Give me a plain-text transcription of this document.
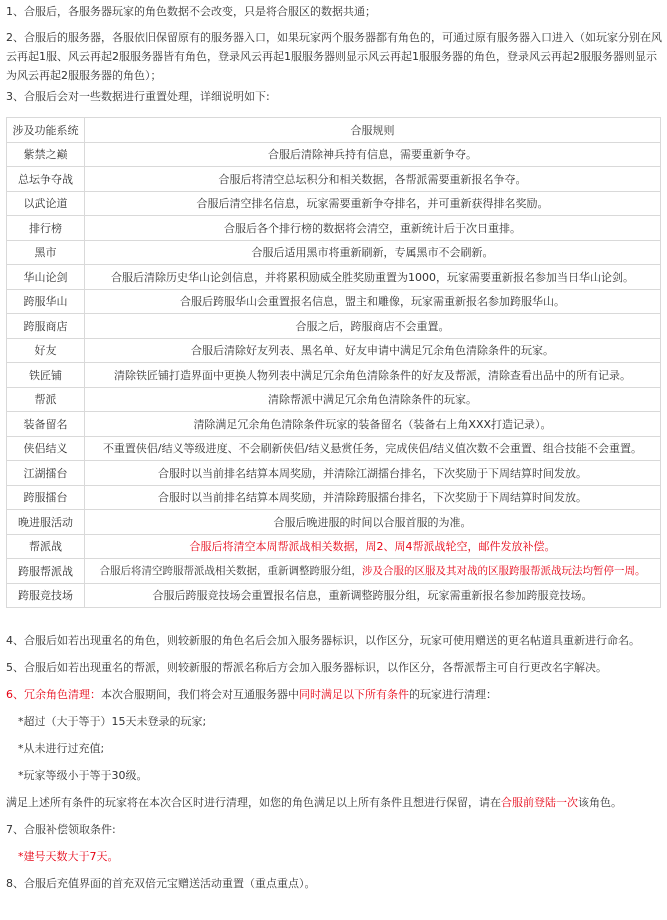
1、合服后，各服务器玩家的角色数据不会改变，只是将合服区的数据共通；

2、合服后的服务器，各服依旧保留原有的服务器入口，如果玩家两个服务器都有角色的，可通过原有服务器入口进入（如玩家分别在风云再起1服、风云再起2服服务器皆有角色，登录风云再起1服服务器则显示风云再起1服服务器的角色，登录风云再起2服服务器则显示为风云再起2服服务器的角色）；

3、合服后会对一些数据进行重置处理，详细说明如下:

涉及功能系统	合服规则
紫禁之巅	合服后清除神兵持有信息，需要重新争夺。
总坛争夺战	合服后将清空总坛积分和相关数据，各帮派需要重新报名争夺。
以武论道	合服后清空排名信息，玩家需要重新争夺排名，并可重新获得排名奖励。
排行榜	合服后各个排行榜的数据将会清空，重新统计后于次日重排。
黑市	合服后适用黑市将重新刷新，专属黑市不会刷新。
华山论剑	合服后清除历史华山论剑信息，并将累积励威全胜奖励重置为1000，玩家需要重新报名参加当日华山论剑。
跨服华山	合服后跨服华山会重置报名信息，盟主和雕像，玩家需重新报名参加跨服华山。
跨服商店	合服之后，跨服商店不会重置。
好友	合服后清除好友列表、黑名单、好友申请中满足冗余角色清除条件的玩家。
铁匠铺	清除铁匠铺打造界面中更换人物列表中满足冗余角色清除条件的好友及帮派，清除查看出品中的所有记录。
帮派	清除帮派中满足冗余角色清除条件的玩家。
装备留名	清除满足冗余角色清除条件玩家的装备留名（装备右上角XXX打造记录）。
侠侣结义	不重置侠侣/结义等级进度、不会刷新侠侣/结义悬赏任务，完成侠侣/结义值次数不会重置、组合技能不会重置。
江湖擂台	合服时以当前排名结算本周奖励，并清除江湖擂台排名，下次奖励于下周结算时间发放。
跨服擂台	合服时以当前排名结算本周奖励，并清除跨服擂台排名，下次奖励于下周结算时间发放。
晚进服活动	合服后晚进服的时间以合服首服的为准。
帮派战	合服后将清空本周帮派战相关数据，周2、周4帮派战轮空，邮件发放补偿。
跨服帮派战	合服后将清空跨服帮派战相关数据，重新调整跨服分组，涉及合服的区服及其对战的区服跨服帮派战玩法均暂停一周。
跨服竞技场	合服后跨服竞技场会重置报名信息，重新调整跨服分组，玩家需重新报名参加跨服竞技场。

4、合服后如若出现重名的角色，则较新服的角色名后会加入服务器标识，以作区分，玩家可使用赠送的更名帖道具重新进行命名。

5、合服后如若出现重名的帮派，则较新服的帮派名称后方会加入服务器标识，以作区分，各帮派帮主可自行更改名字解决。

6、冗余角色清理：本次合服期间，我们将会对互通服务器中同时满足以下所有条件的玩家进行清理：

*超过（大于等于）15天未登录的玩家;
*从未进行过充值;
*玩家等级小于等于30级。

满足上述所有条件的玩家将在本次合区时进行清理，如您的角色满足以上所有条件且想进行保留，请在合服前登陆一次该角色。

7、合服补偿领取条件:

*建号天数大于7天。

8、合服后充值界面的首充双倍元宝赠送活动重置（重点重点）。
